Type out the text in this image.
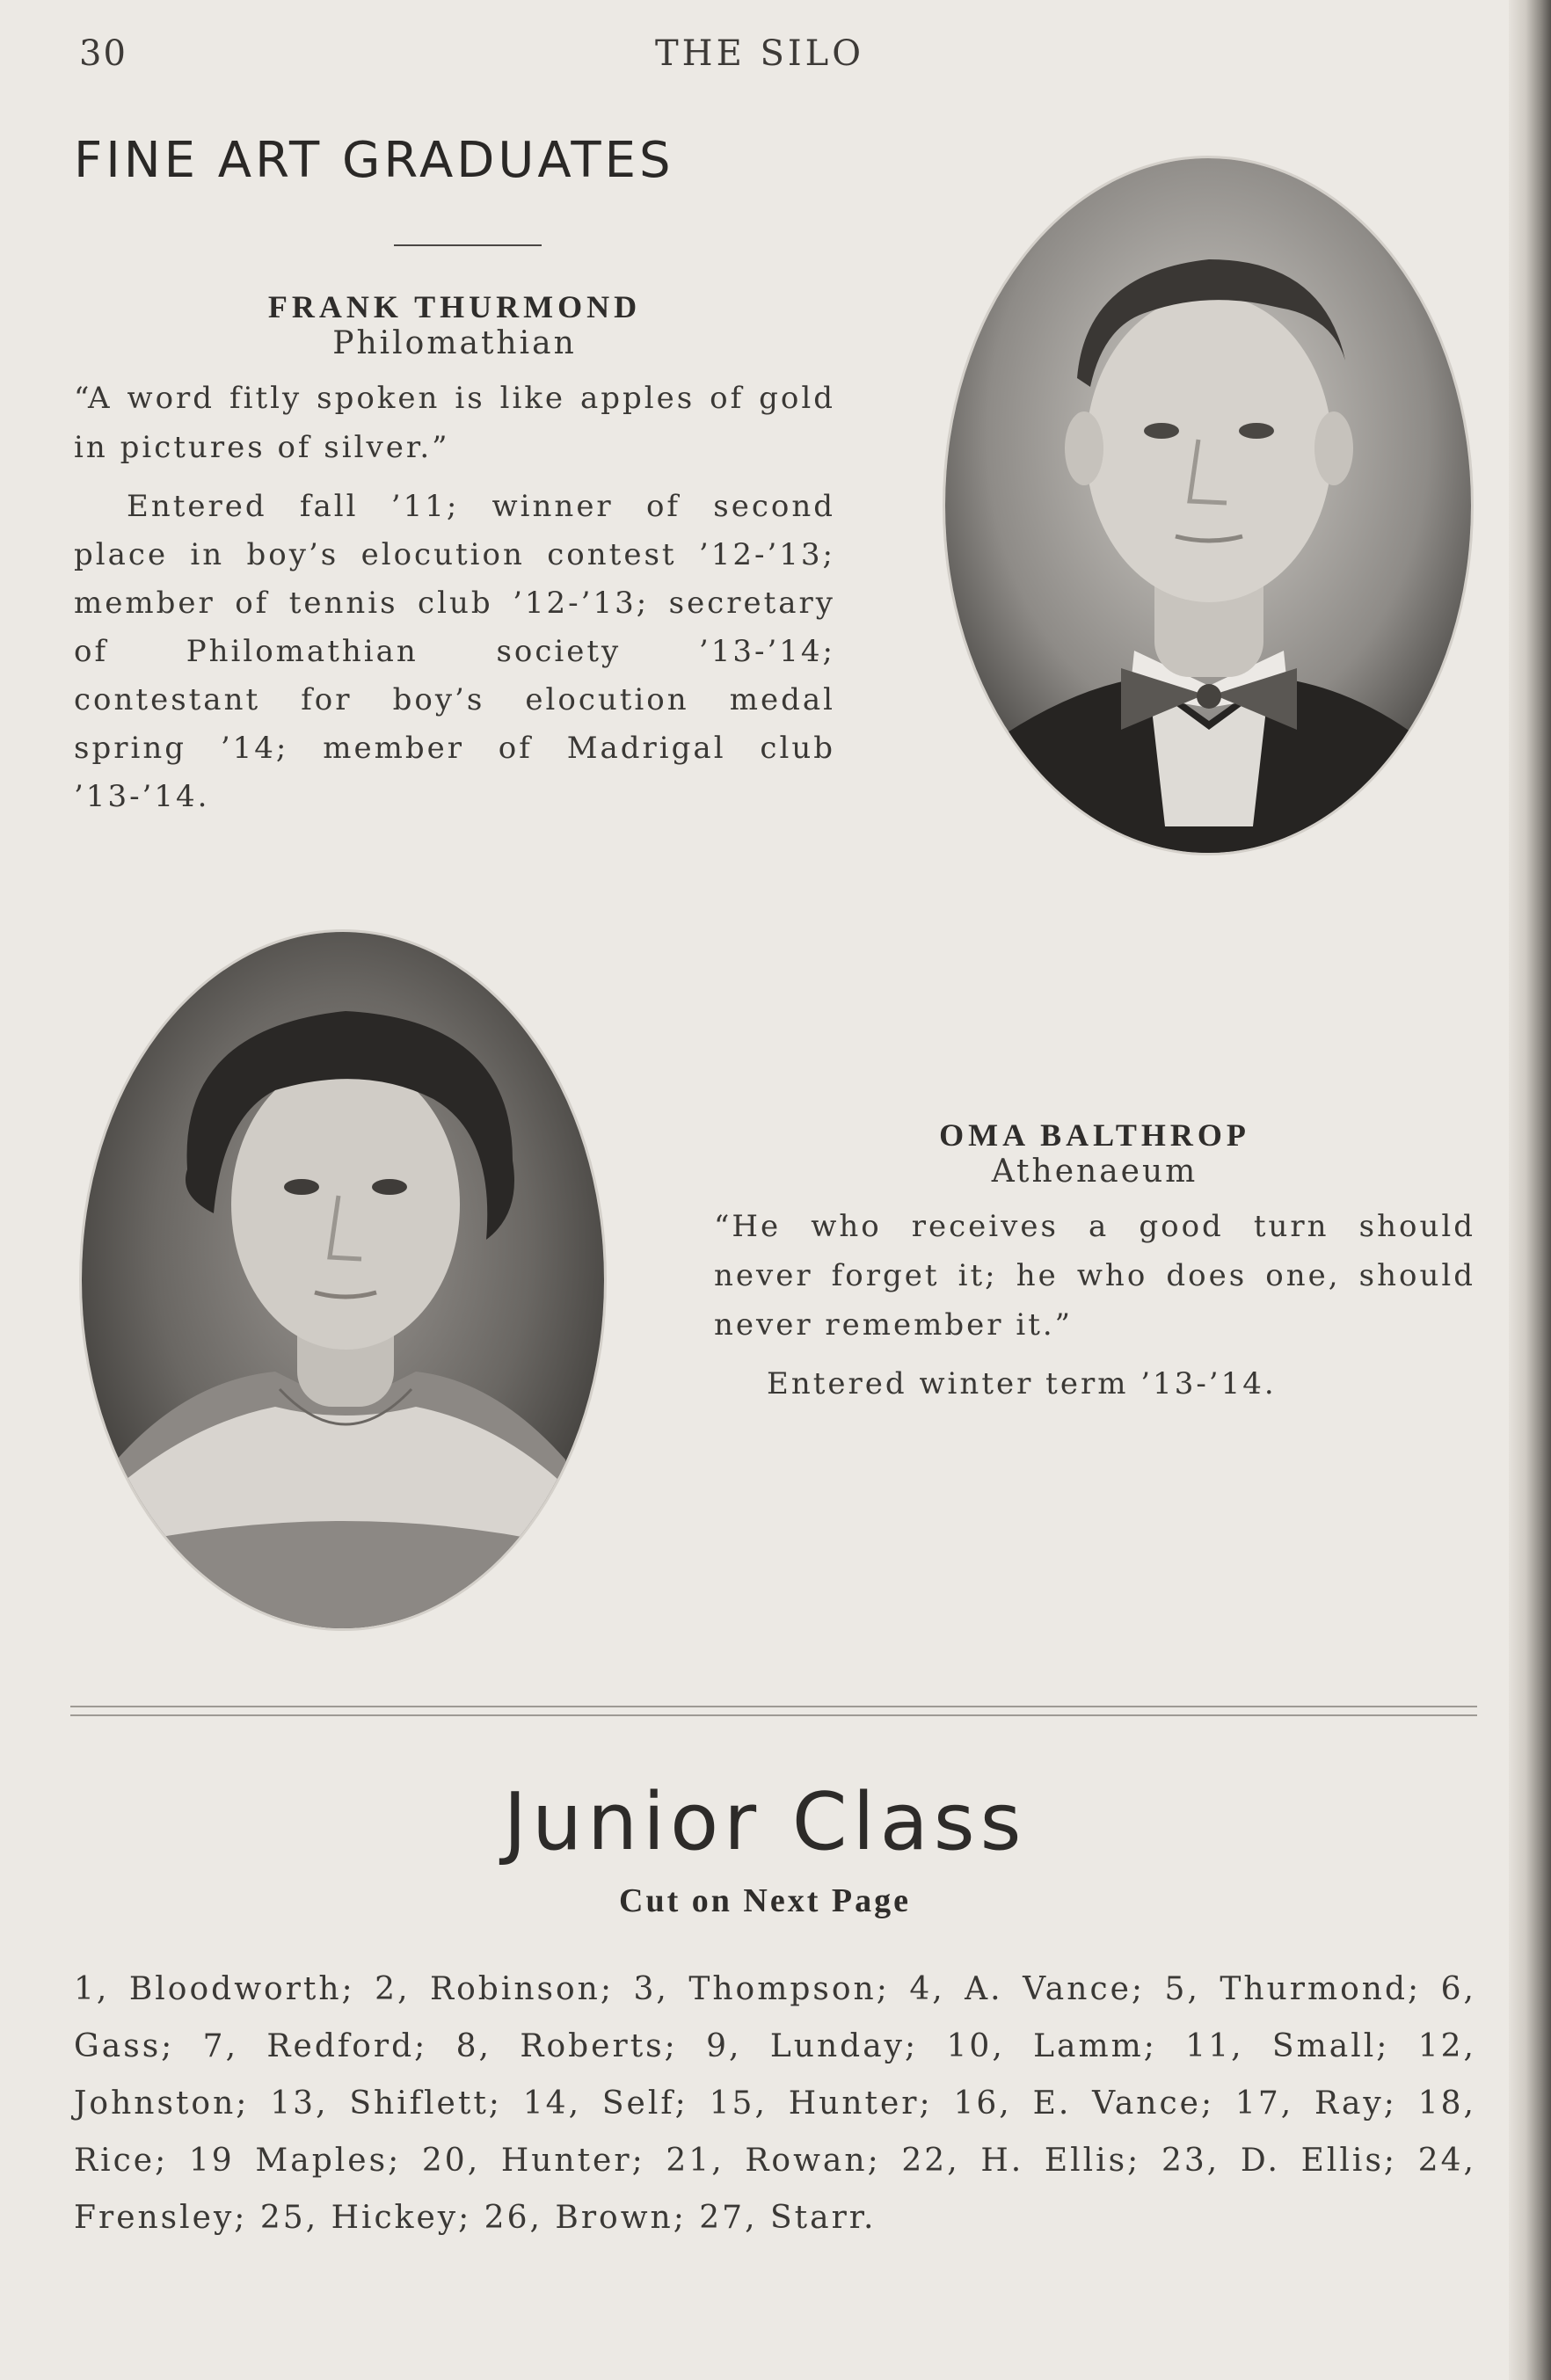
30	THE SILO
FINE ART GRADUATES
FRANK THURMOND
Philomathian

“A word fitly spoken is like apples of gold in pictures of silver.”

Entered fall ’11; winner of second place in boy’s elocution contest ’12-’13; member of tennis club ’12-’13; secretary of Philomathian society ’13-’14; contestant for boy’s elocution medal spring ’14; member of Madrigal club ’13-’14.

OMA BALTHROP
Athenaeum

“He who receives a good turn should never forget it; he who does one, should never remember it.”

Entered winter term ’13-’14.

Junior Class
Cut on Next Page

1, Bloodworth; 2, Robinson; 3, Thompson; 4, A. Vance; 5, Thurmond; 6, Gass; 7, Redford; 8, Roberts; 9, Lunday; 10, Lamm; 11, Small; 12, Johnston; 13, Shiflett; 14, Self; 15, Hunter; 16, E. Vance; 17, Ray; 18, Rice; 19 Maples; 20, Hunter; 21, Rowan; 22, H. Ellis; 23, D. Ellis; 24, Frensley; 25, Hickey; 26, Brown; 27, Starr.
